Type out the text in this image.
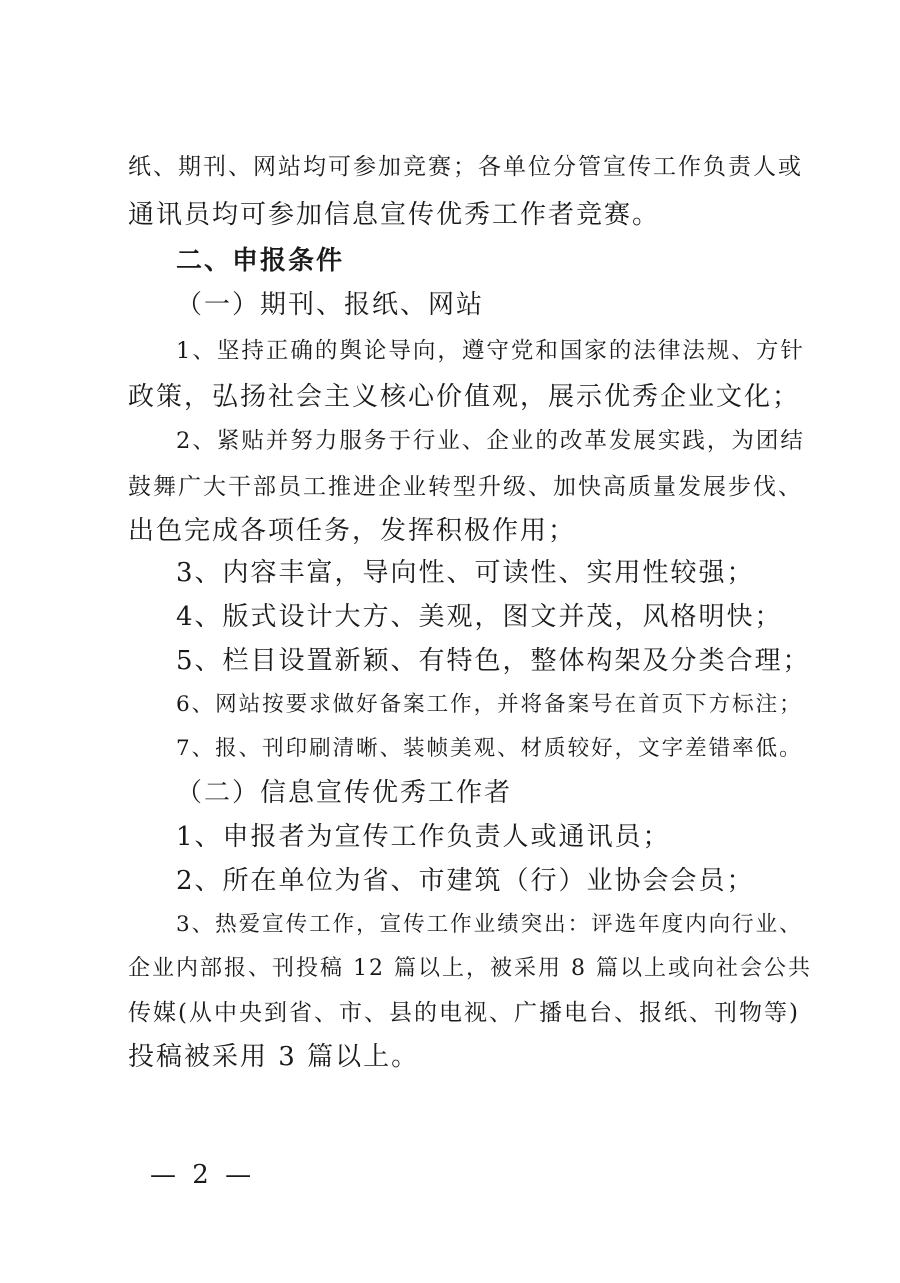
纸、期刊、网站均可参加竞赛；各单位分管宣传工作负责人或
通讯员均可参加信息宣传优秀工作者竞赛。
二、申报条件
（一）期刊、报纸、网站
1、坚持正确的舆论导向，遵守党和国家的法律法规、方针
政策，弘扬社会主义核心价值观，展示优秀企业文化；
2、紧贴并努力服务于行业、企业的改革发展实践，为团结
鼓舞广大干部员工推进企业转型升级、加快高质量发展步伐、
出色完成各项任务，发挥积极作用；
3、内容丰富，导向性、可读性、实用性较强；
4、版式设计大方、美观，图文并茂，风格明快；
5、栏目设置新颖、有特色，整体构架及分类合理；
6、网站按要求做好备案工作，并将备案号在首页下方标注；
7、报、刊印刷清晰、装帧美观、材质较好，文字差错率低。
（二）信息宣传优秀工作者
1、申报者为宣传工作负责人或通讯员；
2、所在单位为省、市建筑（行）业协会会员；
3、热爱宣传工作，宣传工作业绩突出：评选年度内向行业、
企业内部报、刊投稿 12 篇以上，被采用 8 篇以上或向社会公共
传媒(从中央到省、市、县的电视、广播电台、报纸、刊物等)
投稿被采用 3 篇以上。
— 2 —
